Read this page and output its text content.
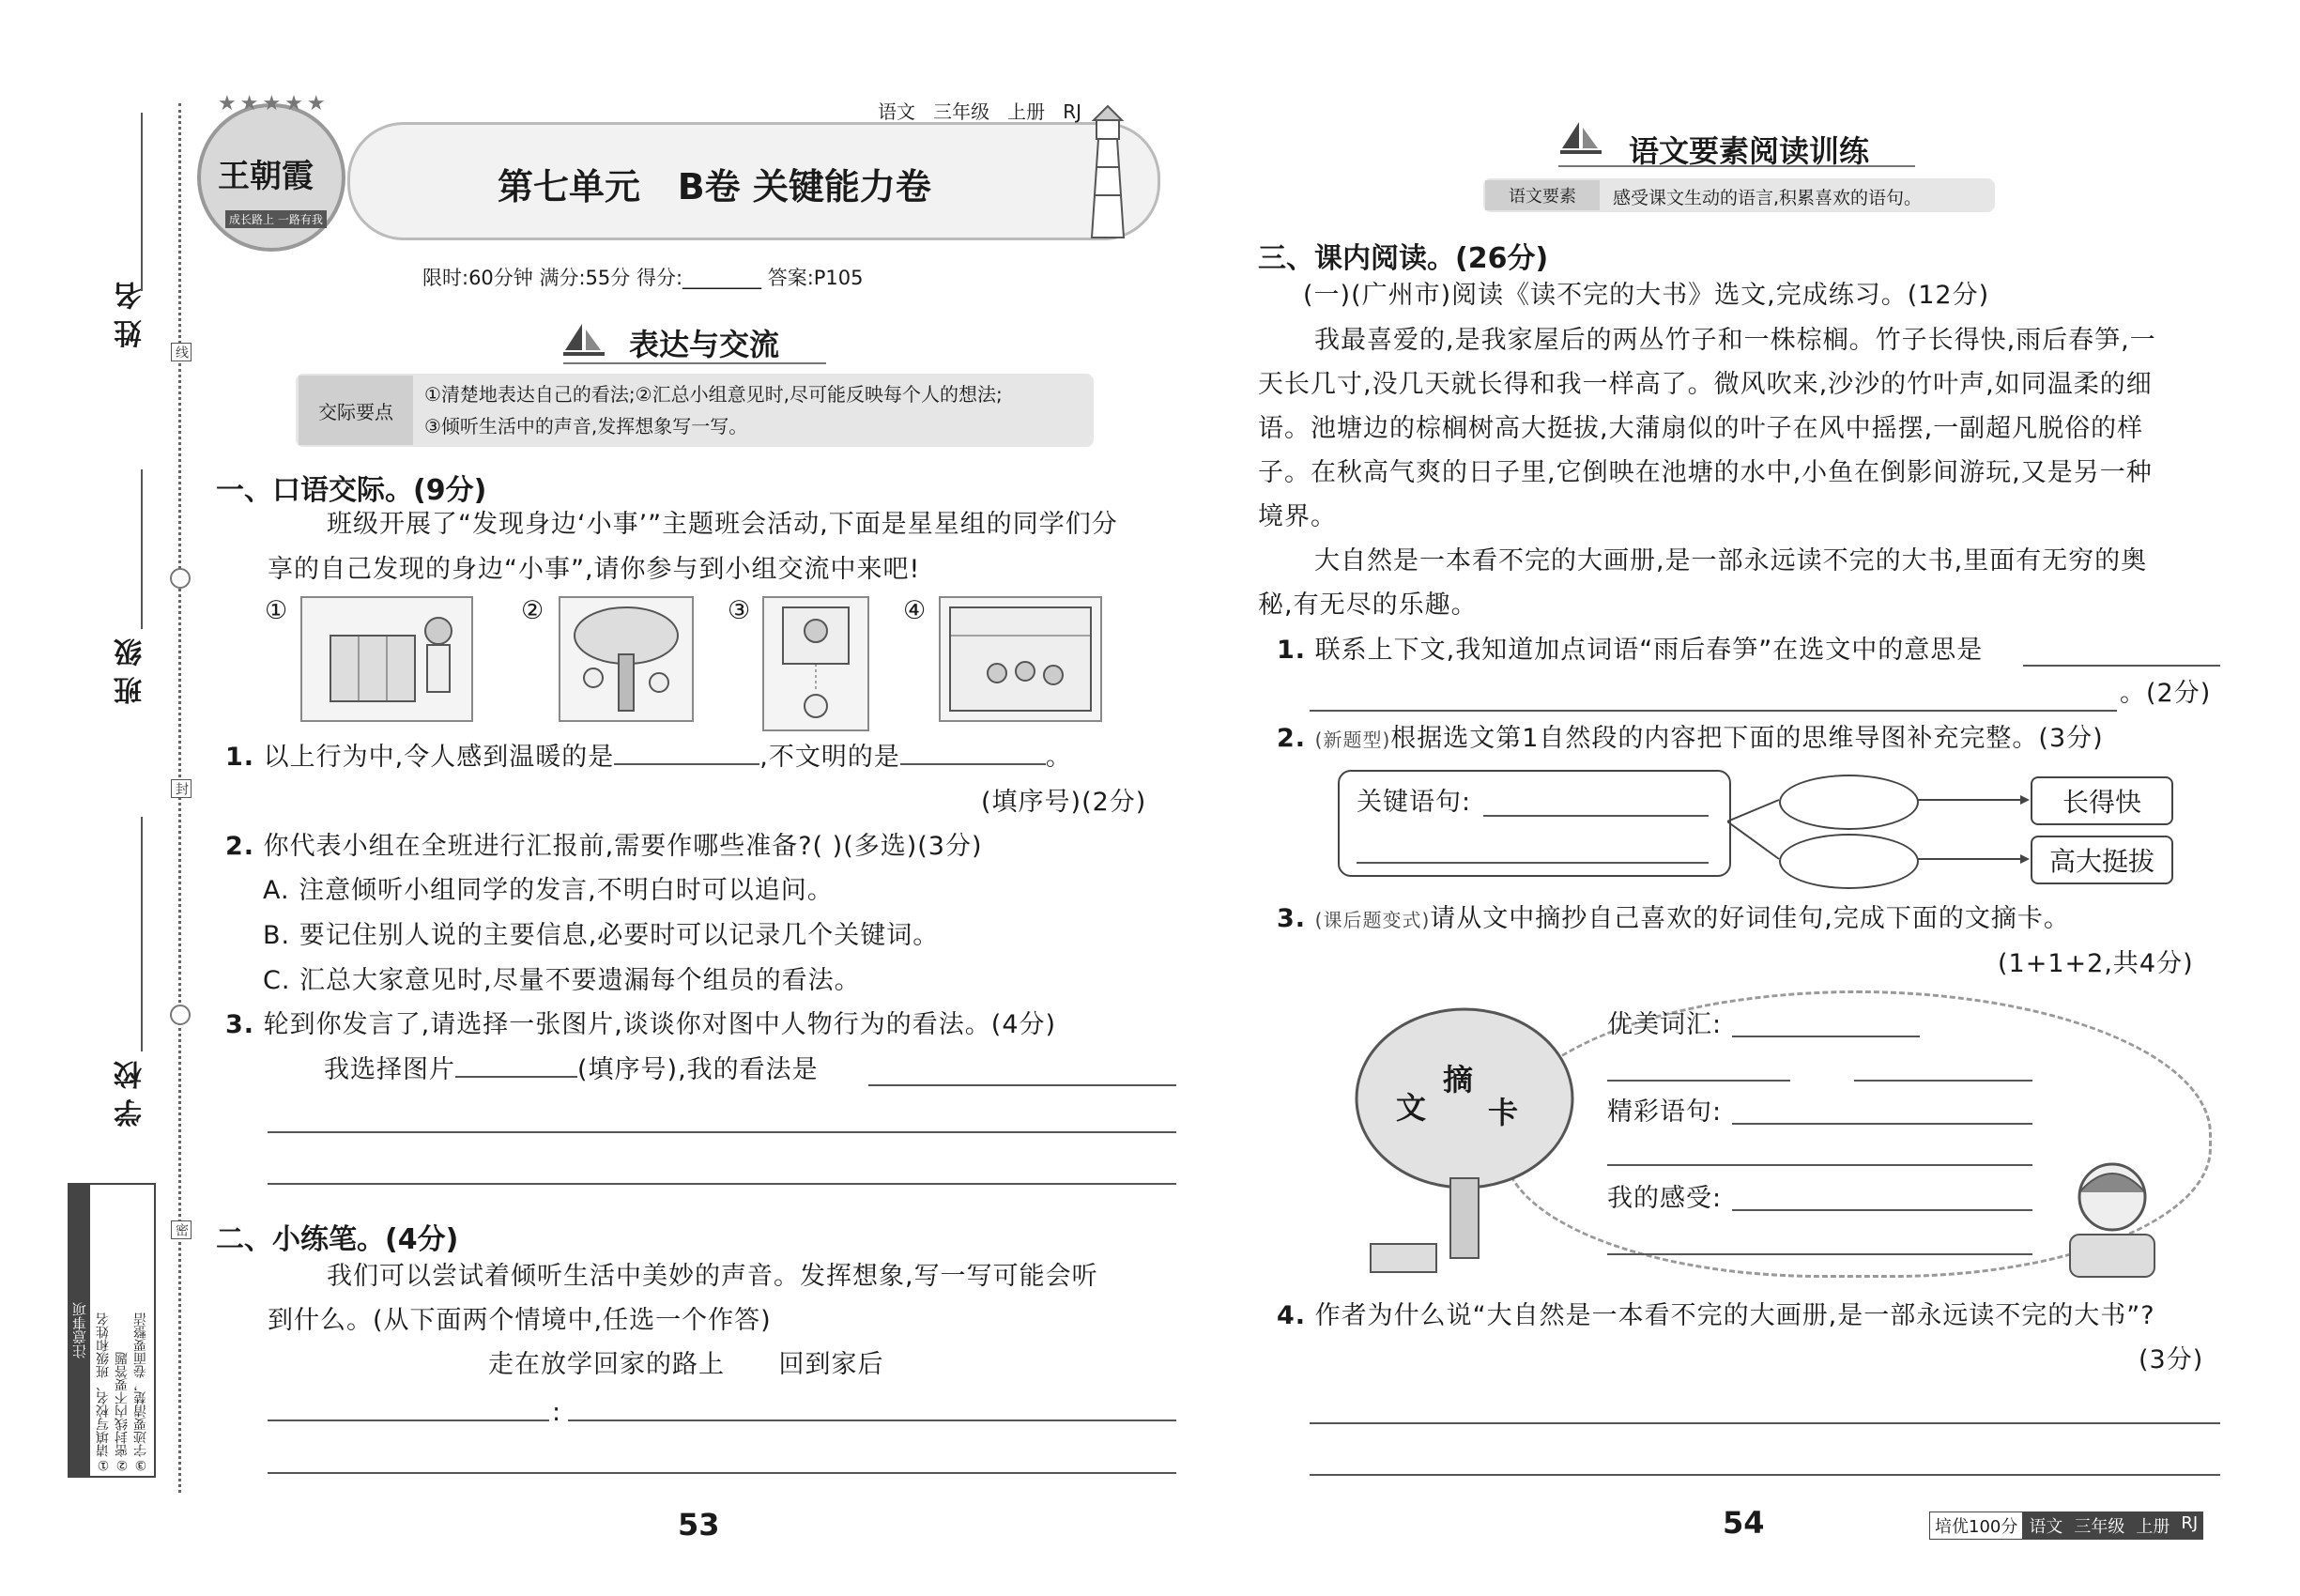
姓 名
班 级
学 校
线
封
密
注意事项 ①请填写校名、班级和姓名 ②密封线内不要答题 ③字迹要清楚，卷面要整洁
王朝霞
成长路上 一路有我
★★★★★	语文 三年级 上册 RJ
第七单元   B卷 关键能力卷
限时:60分钟 满分:55分 得分:________ 答案:P105
表达与交流
交际要点
①清楚地表达自己的看法;②汇总小组意见时,尽可能反映每个人的想法;
③倾听生活中的声音,发挥想象写一写。
一、口语交际。(9分)
班级开展了“发现身边‘小事’”主题班会活动,下面是星星组的同学们分
享的自己发现的身边“小事”,请你参与到小组交流中来吧!
①	②	③	④
1. 以上行为中,令人感到温暖的是	,不文明的是	。
(填序号)(2分)
2. 你代表小组在全班进行汇报前,需要作哪些准备?( )(多选)(3分)
A. 注意倾听小组同学的发言,不明白时可以追问。
B. 要记住别人说的主要信息,必要时可以记录几个关键词。
C. 汇总大家意见时,尽量不要遗漏每个组员的看法。
3. 轮到你发言了,请选择一张图片,谈谈你对图中人物行为的看法。(4分)
我选择图片	(填序号),我的看法是
二、小练笔。(4分)
我们可以尝试着倾听生活中美妙的声音。发挥想象,写一写可能会听
到什么。(从下面两个情境中,任选一个作答)
走在放学回家的路上      回到家后
:
53
语文要素阅读训练
语文要素 感受课文生动的语言,积累喜欢的语句。
三、课内阅读。(26分)
(一)(广州市)阅读《读不完的大书》选文,完成练习。(12分)
我最喜爱的,是我家屋后的两丛竹子和一株棕榈。竹子长得快,雨后春笋,一
天长几寸,没几天就长得和我一样高了。微风吹来,沙沙的竹叶声,如同温柔的细
语。池塘边的棕榈树高大挺拔,大蒲扇似的叶子在风中摇摆,一副超凡脱俗的样
子。在秋高气爽的日子里,它倒映在池塘的水中,小鱼在倒影间游玩,又是另一种
境界。
大自然是一本看不完的大画册,是一部永远读不完的大书,里面有无穷的奥
秘,有无尽的乐趣。
1. 联系上下文,我知道加点词语“雨后春笋”在选文中的意思是
。(2分)
2. (新题型)根据选文第1自然段的内容把下面的思维导图补充完整。(3分)
关键语句:	长得快
高大挺拔
3. (课后题变式)请从文中摘抄自己喜欢的好词佳句,完成下面的文摘卡。
(1+1+2,共4分)
文
摘
卡
优美词汇:
精彩语句:
我的感受:
4. 作者为什么说“大自然是一本看不完的大画册,是一部永远读不完的大书”?
(3分)
54	培优100分 语文 三年级 上册 RJ
